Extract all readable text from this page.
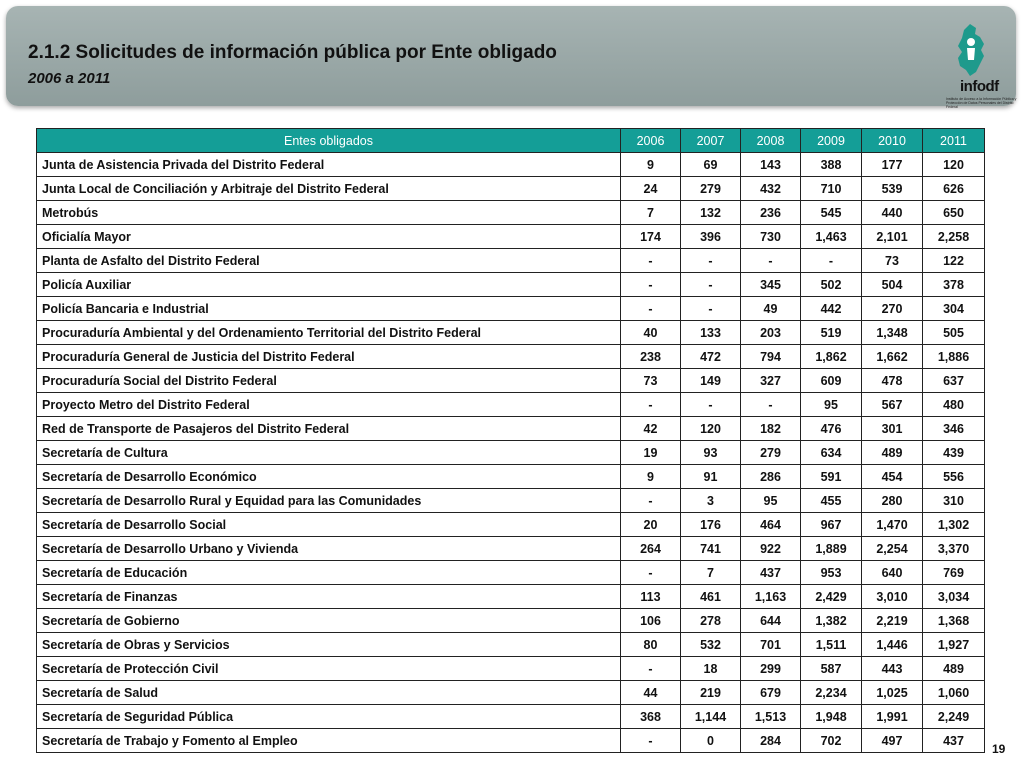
2.1.2 Solicitudes de información pública por Ente obligado
2006 a 2011	infodf
Instituto de Acceso a la Información Pública y Protección de Datos Personales del Distrito Federal
Entes obligados	2006	2007	2008	2009	2010	2011
Junta de Asistencia Privada del Distrito Federal	9	69	143	388	177	120
Junta Local de Conciliación y Arbitraje del Distrito Federal	24	279	432	710	539	626
Metrobús	7	132	236	545	440	650
Oficialía Mayor	174	396	730	1,463	2,101	2,258
Planta de Asfalto del Distrito Federal	-	-	-	-	73	122
Policía Auxiliar	-	-	345	502	504	378
Policía Bancaria e Industrial	-	-	49	442	270	304
Procuraduría Ambiental y del Ordenamiento Territorial del Distrito Federal	40	133	203	519	1,348	505
Procuraduría General de Justicia del Distrito Federal	238	472	794	1,862	1,662	1,886
Procuraduría Social del Distrito Federal	73	149	327	609	478	637
Proyecto Metro del Distrito Federal	-	-	-	95	567	480
Red de Transporte de Pasajeros del Distrito Federal	42	120	182	476	301	346
Secretaría de Cultura	19	93	279	634	489	439
Secretaría de Desarrollo Económico	9	91	286	591	454	556
Secretaría de Desarrollo Rural y Equidad para las Comunidades	-	3	95	455	280	310
Secretaría de Desarrollo Social	20	176	464	967	1,470	1,302
Secretaría de Desarrollo Urbano y Vivienda	264	741	922	1,889	2,254	3,370
Secretaría de Educación	-	7	437	953	640	769
Secretaría de Finanzas	113	461	1,163	2,429	3,010	3,034
Secretaría de Gobierno	106	278	644	1,382	2,219	1,368
Secretaría de Obras y Servicios	80	532	701	1,511	1,446	1,927
Secretaría de Protección Civil	-	18	299	587	443	489
Secretaría de Salud	44	219	679	2,234	1,025	1,060
Secretaría de Seguridad Pública	368	1,144	1,513	1,948	1,991	2,249
Secretaría de Trabajo y Fomento al Empleo	-	0	284	702	497	437
19
